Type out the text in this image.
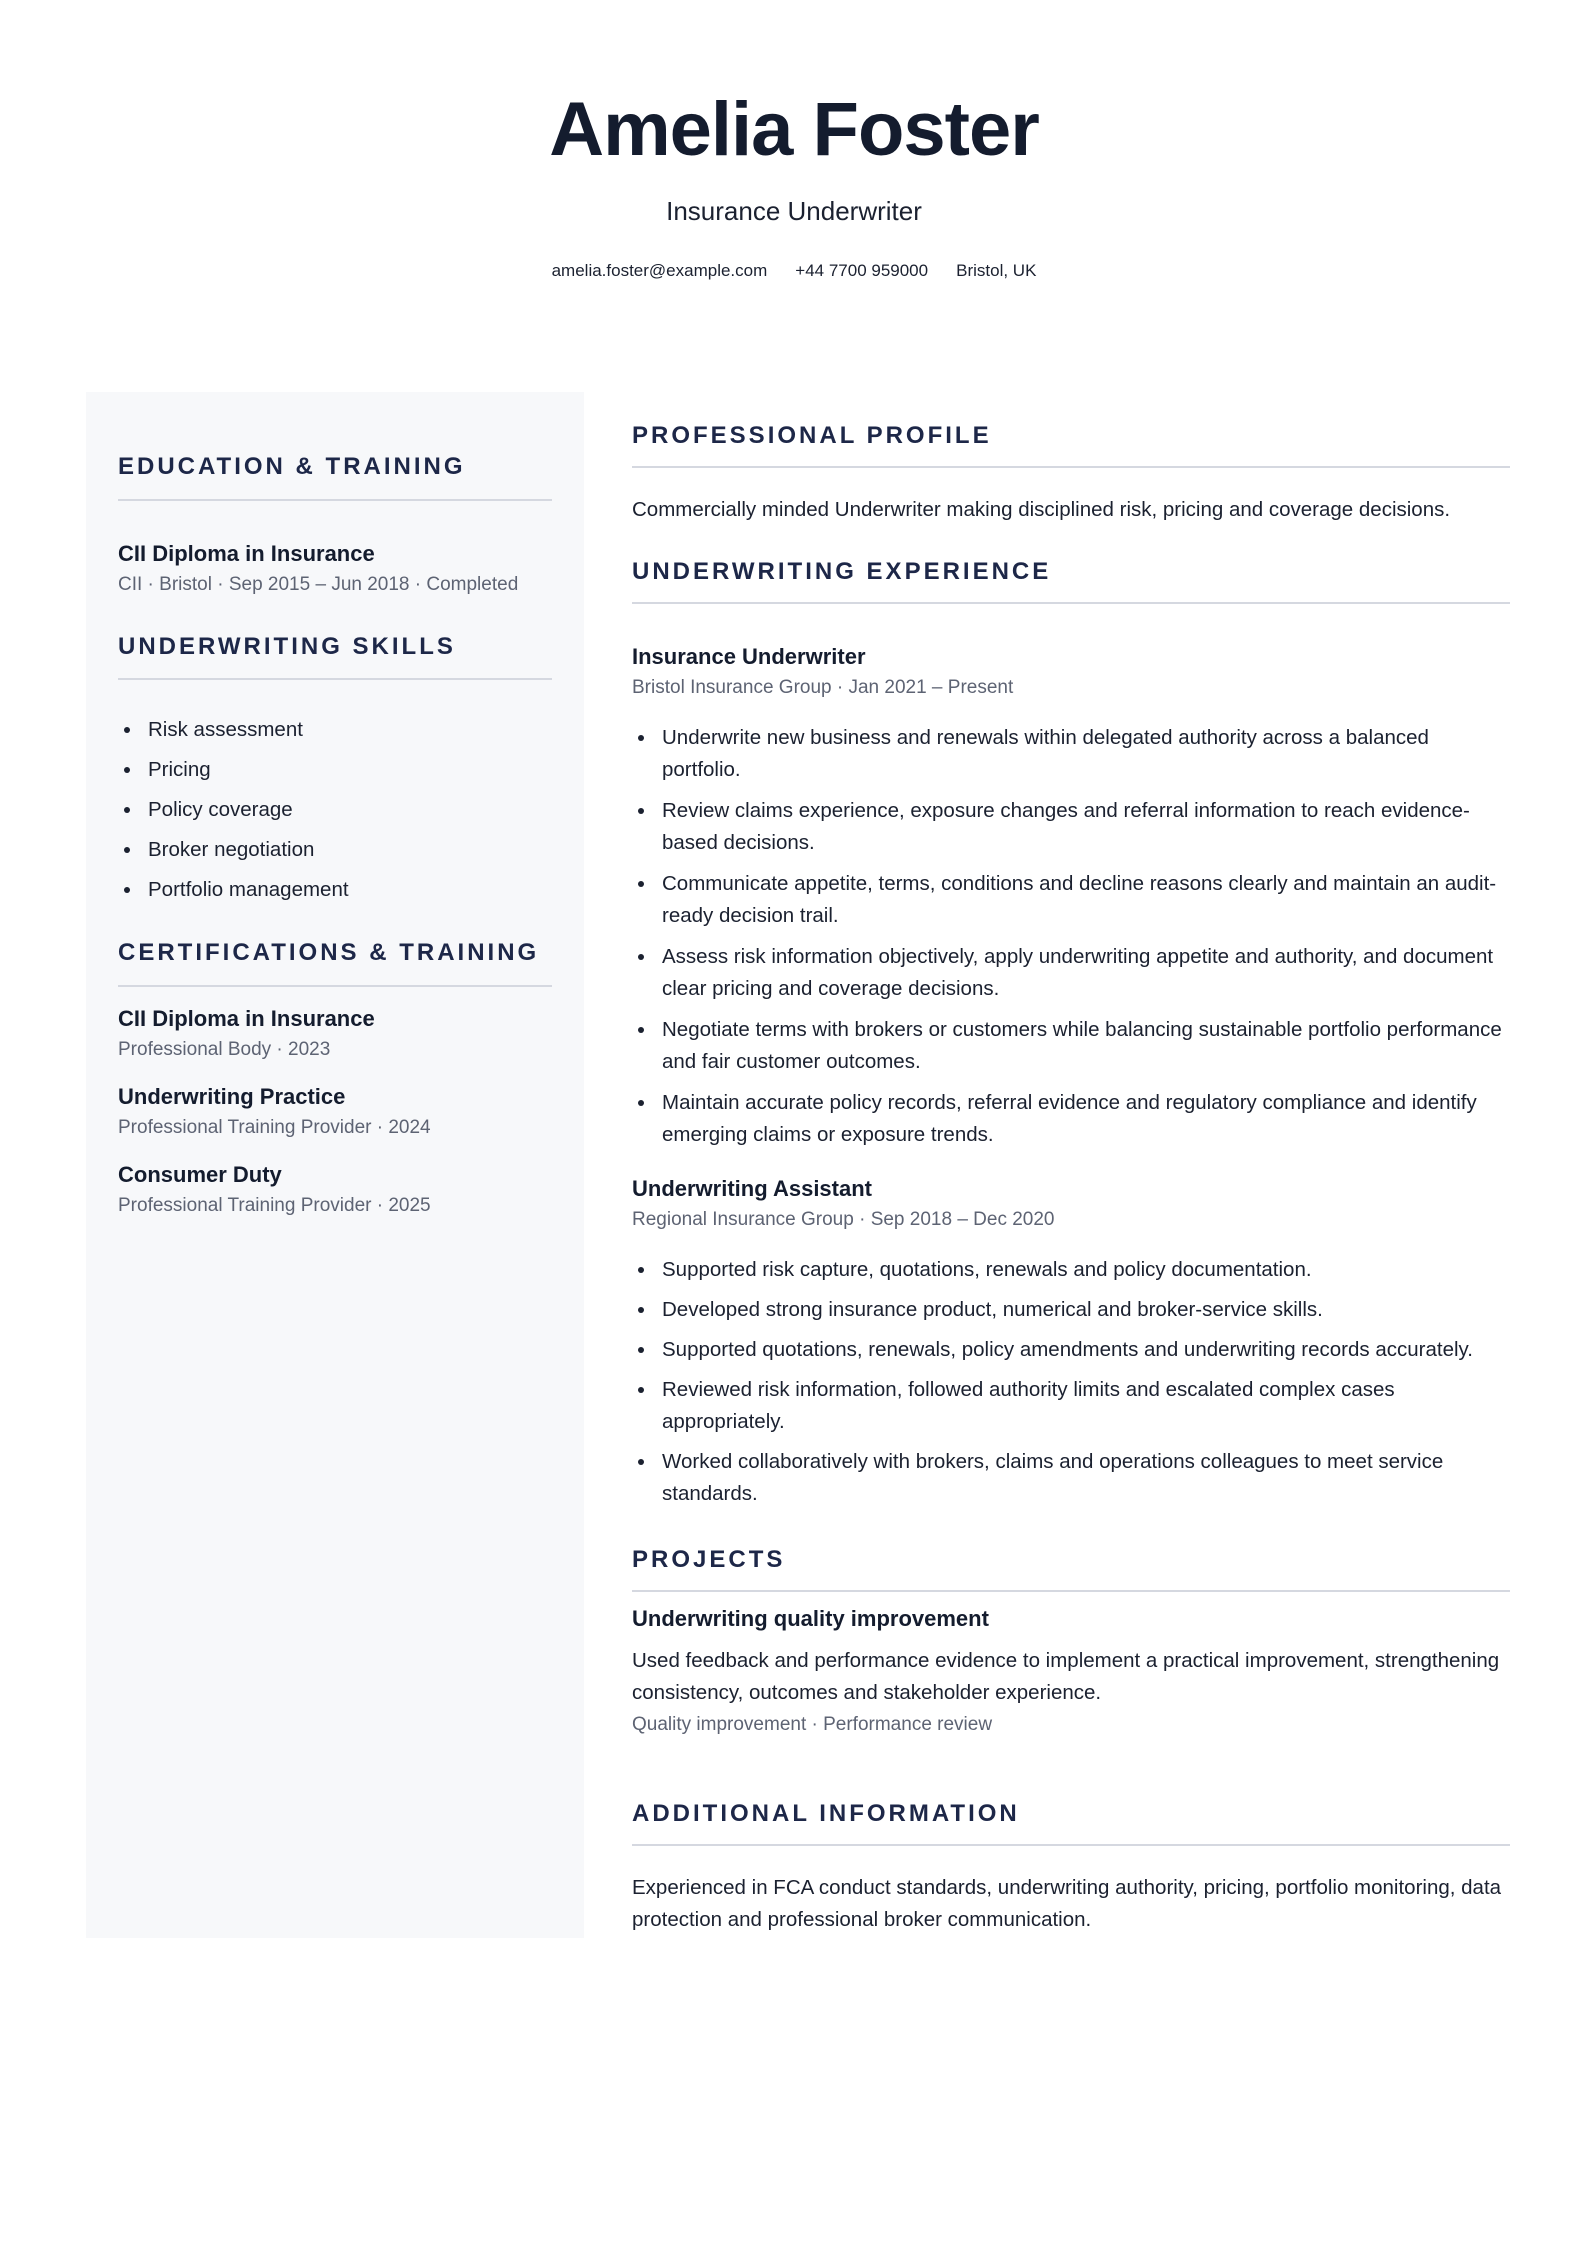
Amelia Foster
Insurance Underwriter
amelia.foster@example.com +44 7700 959000 Bristol, UK
EDUCATION & TRAINING
CII Diploma in Insurance
CII · Bristol · Sep 2015 – Jun 2018 · Completed
UNDERWRITING SKILLS
Risk assessment
Pricing
Policy coverage
Broker negotiation
Portfolio management
CERTIFICATIONS & TRAINING
CII Diploma in Insurance
Professional Body · 2023
Underwriting Practice
Professional Training Provider · 2024
Consumer Duty
Professional Training Provider · 2025
PROFESSIONAL PROFILE
Commercially minded Underwriter making disciplined risk, pricing and coverage decisions.
UNDERWRITING EXPERIENCE
Insurance Underwriter
Bristol Insurance Group · Jan 2021 – Present
Underwrite new business and renewals within delegated authority across a balanced portfolio.
Review claims experience, exposure changes and referral information to reach evidence-based decisions.
Communicate appetite, terms, conditions and decline reasons clearly and maintain an audit-ready decision trail.
Assess risk information objectively, apply underwriting appetite and authority, and document clear pricing and coverage decisions.
Negotiate terms with brokers or customers while balancing sustainable portfolio performance and fair customer outcomes.
Maintain accurate policy records, referral evidence and regulatory compliance and identify emerging claims or exposure trends.
Underwriting Assistant
Regional Insurance Group · Sep 2018 – Dec 2020
Supported risk capture, quotations, renewals and policy documentation.
Developed strong insurance product, numerical and broker-service skills.
Supported quotations, renewals, policy amendments and underwriting records accurately.
Reviewed risk information, followed authority limits and escalated complex cases appropriately.
Worked collaboratively with brokers, claims and operations colleagues to meet service standards.
PROJECTS
Underwriting quality improvement
Used feedback and performance evidence to implement a practical improvement, strengthening consistency, outcomes and stakeholder experience.
Quality improvement · Performance review
ADDITIONAL INFORMATION
Experienced in FCA conduct standards, underwriting authority, pricing, portfolio monitoring, data protection and professional broker communication.
